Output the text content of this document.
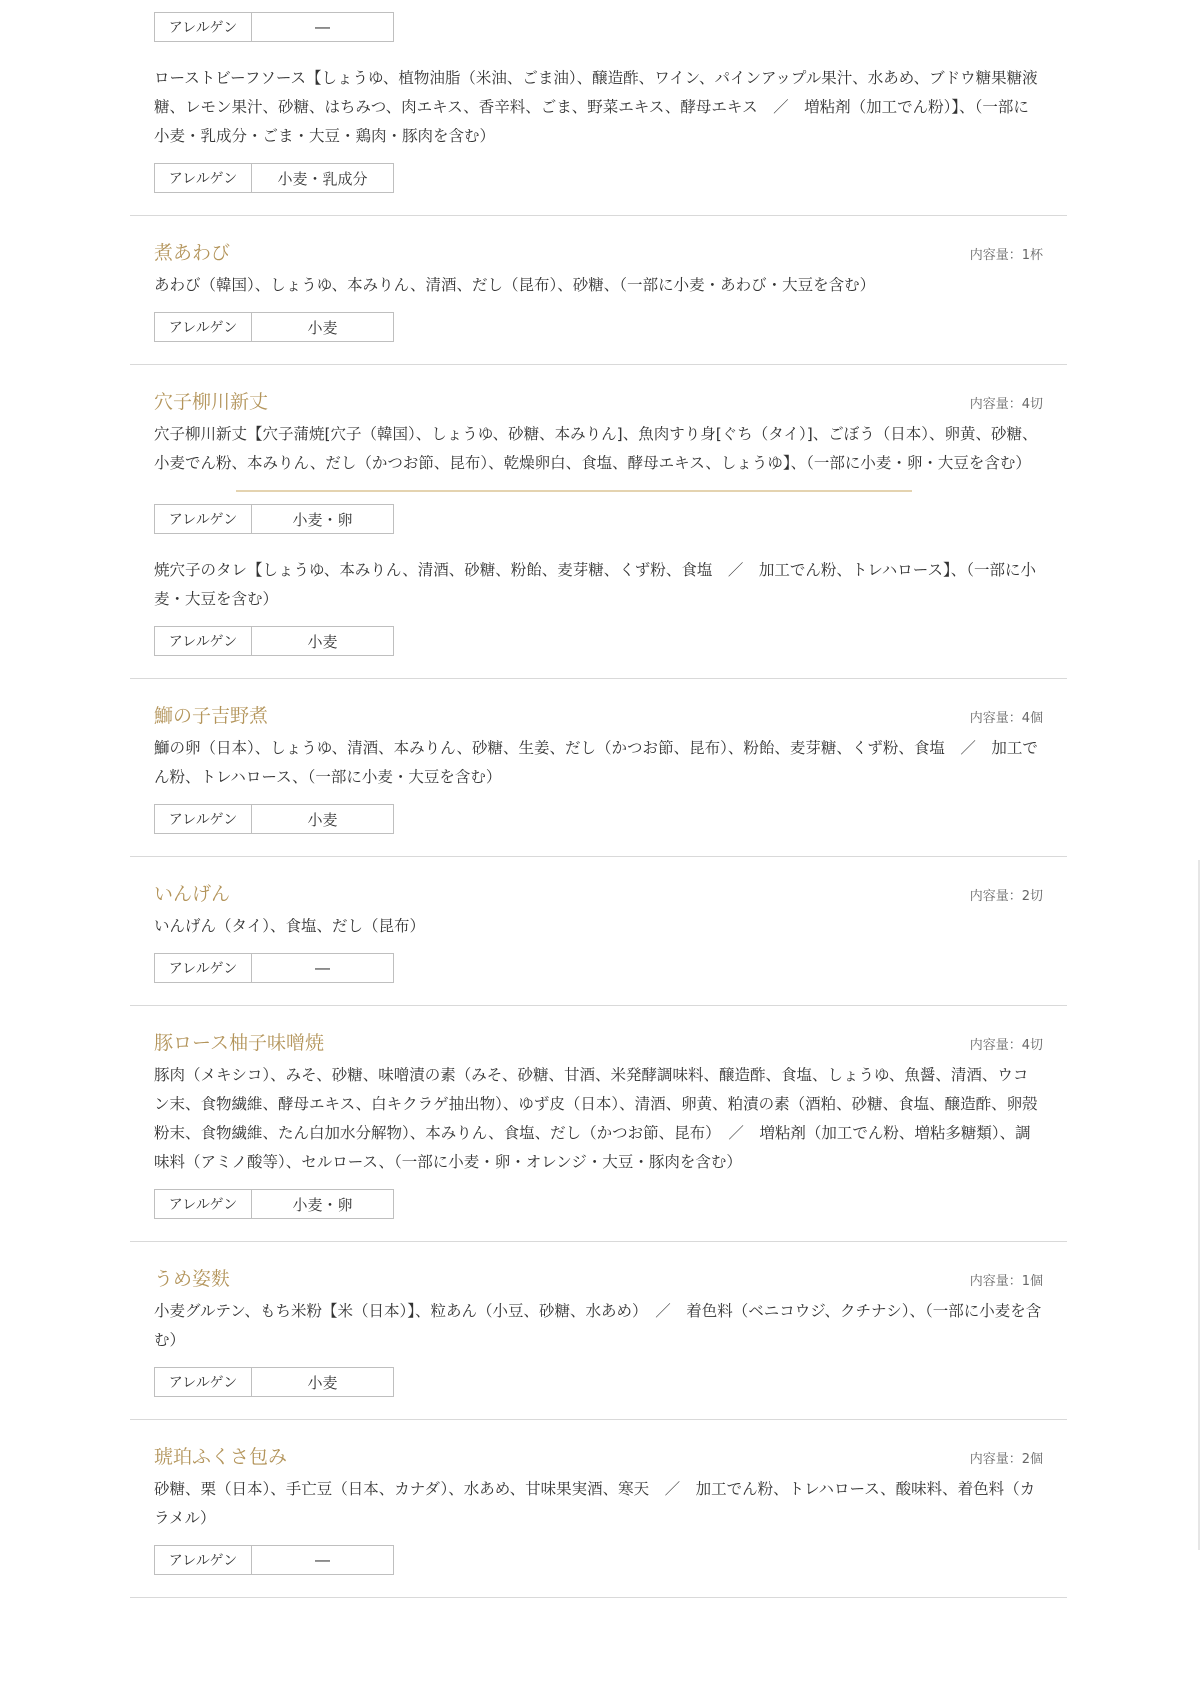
アレルゲン	―

ローストビーフソース【しょうゆ、植物油脂（米油、ごま油）、醸造酢、ワイン、パインアップル果汁、水あめ、ブドウ糖果糖液糖、レモン果汁、砂糖、はちみつ、肉エキス、香辛料、ごま、野菜エキス、酵母エキス　／　増粘剤（加工でん粉）】、（一部に小麦・乳成分・ごま・大豆・鶏肉・豚肉を含む）

アレルゲン	小麦・乳成分
煮あわび	内容量：1杯

あわび（韓国）、しょうゆ、本みりん、清酒、だし（昆布）、砂糖、（一部に小麦・あわび・大豆を含む）

アレルゲン	小麦
穴子柳川新丈	内容量：4切

穴子柳川新丈【穴子蒲焼[穴子（韓国）、しょうゆ、砂糖、本みりん]、魚肉すり身[ぐち（タイ）]、ごぼう（日本）、卵黄、砂糖、小麦でん粉、本みりん、だし（かつお節、昆布）、乾燥卵白、食塩、酵母エキス、しょうゆ】、（一部に小麦・卵・大豆を含む）

アレルゲン	小麦・卵

焼穴子のタレ【しょうゆ、本みりん、清酒、砂糖、粉飴、麦芽糖、くず粉、食塩　／　加工でん粉、トレハロース】、（一部に小麦・大豆を含む）

アレルゲン	小麦
鰤の子吉野煮	内容量：4個

鰤の卵（日本）、しょうゆ、清酒、本みりん、砂糖、生姜、だし（かつお節、昆布）、粉飴、麦芽糖、くず粉、食塩　／　加工でん粉、トレハロース、（一部に小麦・大豆を含む）

アレルゲン	小麦
いんげん	内容量：2切

いんげん（タイ）、食塩、だし（昆布）

アレルゲン	―
豚ロース柚子味噌焼	内容量：4切

豚肉（メキシコ）、みそ、砂糖、味噌漬の素（みそ、砂糖、甘酒、米発酵調味料、醸造酢、食塩、しょうゆ、魚醤、清酒、ウコン末、食物繊維、酵母エキス、白キクラゲ抽出物）、ゆず皮（日本）、清酒、卵黄、粕漬の素（酒粕、砂糖、食塩、醸造酢、卵殻粉末、食物繊維、たん白加水分解物）、本みりん、食塩、だし（かつお節、昆布）　／　増粘剤（加工でん粉、増粘多糖類）、調味料（アミノ酸等）、セルロース、（一部に小麦・卵・オレンジ・大豆・豚肉を含む）

アレルゲン	小麦・卵
うめ姿麩	内容量：1個

小麦グルテン、もち米粉【米（日本）】、粒あん（小豆、砂糖、水あめ）　／　着色料（ベニコウジ、クチナシ）、（一部に小麦を含む）

アレルゲン	小麦
琥珀ふくさ包み	内容量：2個

砂糖、栗（日本）、手亡豆（日本、カナダ）、水あめ、甘味果実酒、寒天　／　加工でん粉、トレハロース、酸味料、着色料（カラメル）

アレルゲン	―
